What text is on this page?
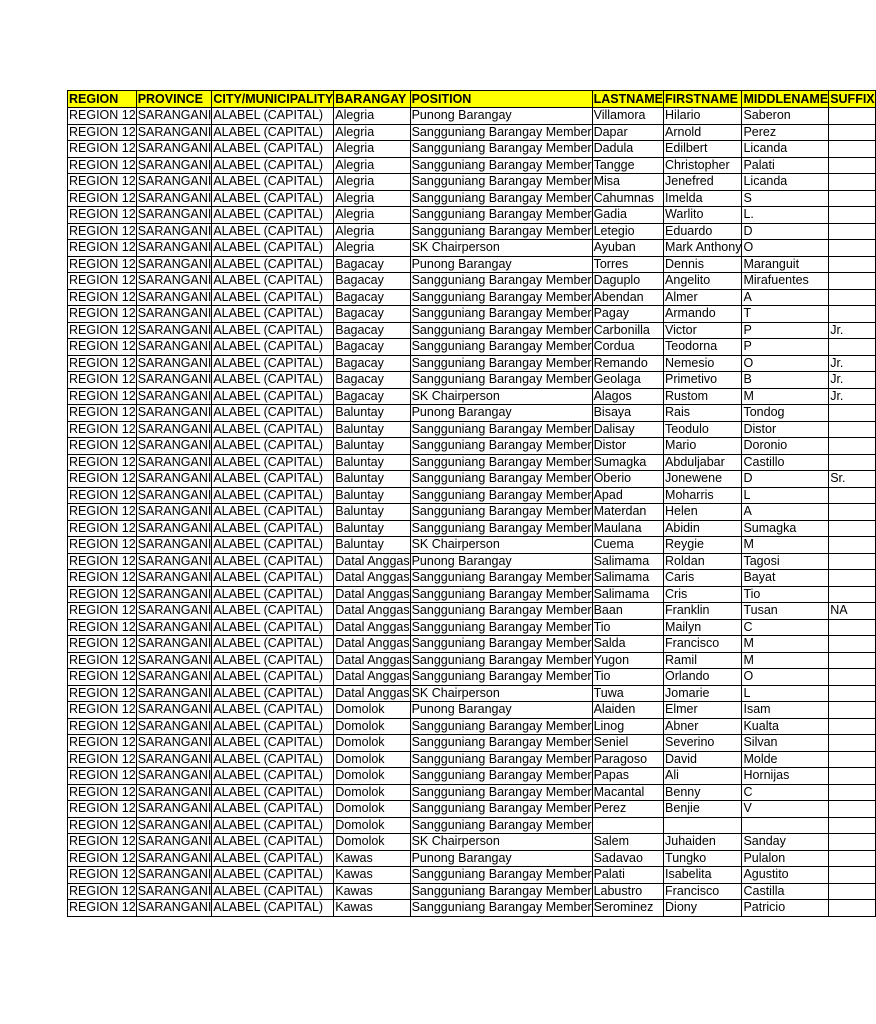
REGION	PROVINCE	CITY/MUNICIPALITY	BARANGAY	POSITION	LASTNAME	FIRSTNAME	MIDDLENAME	SUFFIX
REGION 12	SARANGANI	ALABEL (CAPITAL)	Alegria	Punong Barangay	Villamora	Hilario	Saberon	
REGION 12	SARANGANI	ALABEL (CAPITAL)	Alegria	Sangguniang Barangay Member	Dapar	Arnold	Perez	
REGION 12	SARANGANI	ALABEL (CAPITAL)	Alegria	Sangguniang Barangay Member	Dadula	Edilbert	Licanda	
REGION 12	SARANGANI	ALABEL (CAPITAL)	Alegria	Sangguniang Barangay Member	Tangge	Christopher	Palati	
REGION 12	SARANGANI	ALABEL (CAPITAL)	Alegria	Sangguniang Barangay Member	Misa	Jenefred	Licanda	
REGION 12	SARANGANI	ALABEL (CAPITAL)	Alegria	Sangguniang Barangay Member	Cahumnas	Imelda	S	
REGION 12	SARANGANI	ALABEL (CAPITAL)	Alegria	Sangguniang Barangay Member	Gadia	Warlito	L.	
REGION 12	SARANGANI	ALABEL (CAPITAL)	Alegria	Sangguniang Barangay Member	Letegio	Eduardo	D	
REGION 12	SARANGANI	ALABEL (CAPITAL)	Alegria	SK Chairperson	Ayuban	Mark Anthony	O	
REGION 12	SARANGANI	ALABEL (CAPITAL)	Bagacay	Punong Barangay	Torres	Dennis	Maranguit	
REGION 12	SARANGANI	ALABEL (CAPITAL)	Bagacay	Sangguniang Barangay Member	Daguplo	Angelito	Mirafuentes	
REGION 12	SARANGANI	ALABEL (CAPITAL)	Bagacay	Sangguniang Barangay Member	Abendan	Almer	A	
REGION 12	SARANGANI	ALABEL (CAPITAL)	Bagacay	Sangguniang Barangay Member	Pagay	Armando	T	
REGION 12	SARANGANI	ALABEL (CAPITAL)	Bagacay	Sangguniang Barangay Member	Carbonilla	Victor	P	Jr.
REGION 12	SARANGANI	ALABEL (CAPITAL)	Bagacay	Sangguniang Barangay Member	Cordua	Teodorna	P	
REGION 12	SARANGANI	ALABEL (CAPITAL)	Bagacay	Sangguniang Barangay Member	Remando	Nemesio	O	Jr.
REGION 12	SARANGANI	ALABEL (CAPITAL)	Bagacay	Sangguniang Barangay Member	Geolaga	Primetivo	B	Jr.
REGION 12	SARANGANI	ALABEL (CAPITAL)	Bagacay	SK Chairperson	Alagos	Rustom	M	Jr.
REGION 12	SARANGANI	ALABEL (CAPITAL)	Baluntay	Punong Barangay	Bisaya	Rais	Tondog	
REGION 12	SARANGANI	ALABEL (CAPITAL)	Baluntay	Sangguniang Barangay Member	Dalisay	Teodulo	Distor	
REGION 12	SARANGANI	ALABEL (CAPITAL)	Baluntay	Sangguniang Barangay Member	Distor	Mario	Doronio	
REGION 12	SARANGANI	ALABEL (CAPITAL)	Baluntay	Sangguniang Barangay Member	Sumagka	Abduljabar	Castillo	
REGION 12	SARANGANI	ALABEL (CAPITAL)	Baluntay	Sangguniang Barangay Member	Oberio	Jonewene	D	Sr.
REGION 12	SARANGANI	ALABEL (CAPITAL)	Baluntay	Sangguniang Barangay Member	Apad	Moharris	L	
REGION 12	SARANGANI	ALABEL (CAPITAL)	Baluntay	Sangguniang Barangay Member	Materdan	Helen	A	
REGION 12	SARANGANI	ALABEL (CAPITAL)	Baluntay	Sangguniang Barangay Member	Maulana	Abidin	Sumagka	
REGION 12	SARANGANI	ALABEL (CAPITAL)	Baluntay	SK Chairperson	Cuema	Reygie	M	
REGION 12	SARANGANI	ALABEL (CAPITAL)	Datal Anggas	Punong Barangay	Salimama	Roldan	Tagosi	
REGION 12	SARANGANI	ALABEL (CAPITAL)	Datal Anggas	Sangguniang Barangay Member	Salimama	Caris	Bayat	
REGION 12	SARANGANI	ALABEL (CAPITAL)	Datal Anggas	Sangguniang Barangay Member	Salimama	Cris	Tio	
REGION 12	SARANGANI	ALABEL (CAPITAL)	Datal Anggas	Sangguniang Barangay Member	Baan	Franklin	Tusan	NA
REGION 12	SARANGANI	ALABEL (CAPITAL)	Datal Anggas	Sangguniang Barangay Member	Tio	Mailyn	C	
REGION 12	SARANGANI	ALABEL (CAPITAL)	Datal Anggas	Sangguniang Barangay Member	Salda	Francisco	M	
REGION 12	SARANGANI	ALABEL (CAPITAL)	Datal Anggas	Sangguniang Barangay Member	Yugon	Ramil	M	
REGION 12	SARANGANI	ALABEL (CAPITAL)	Datal Anggas	Sangguniang Barangay Member	Tio	Orlando	O	
REGION 12	SARANGANI	ALABEL (CAPITAL)	Datal Anggas	SK Chairperson	Tuwa	Jomarie	L	
REGION 12	SARANGANI	ALABEL (CAPITAL)	Domolok	Punong Barangay	Alaiden	Elmer	Isam	
REGION 12	SARANGANI	ALABEL (CAPITAL)	Domolok	Sangguniang Barangay Member	Linog	Abner	Kualta	
REGION 12	SARANGANI	ALABEL (CAPITAL)	Domolok	Sangguniang Barangay Member	Seniel	Severino	Silvan	
REGION 12	SARANGANI	ALABEL (CAPITAL)	Domolok	Sangguniang Barangay Member	Paragoso	David	Molde	
REGION 12	SARANGANI	ALABEL (CAPITAL)	Domolok	Sangguniang Barangay Member	Papas	Ali	Hornijas	
REGION 12	SARANGANI	ALABEL (CAPITAL)	Domolok	Sangguniang Barangay Member	Macantal	Benny	C	
REGION 12	SARANGANI	ALABEL (CAPITAL)	Domolok	Sangguniang Barangay Member	Perez	Benjie	V	
REGION 12	SARANGANI	ALABEL (CAPITAL)	Domolok	Sangguniang Barangay Member				
REGION 12	SARANGANI	ALABEL (CAPITAL)	Domolok	SK Chairperson	Salem	Juhaiden	Sanday	
REGION 12	SARANGANI	ALABEL (CAPITAL)	Kawas	Punong Barangay	Sadavao	Tungko	Pulalon	
REGION 12	SARANGANI	ALABEL (CAPITAL)	Kawas	Sangguniang Barangay Member	Palati	Isabelita	Agustito	
REGION 12	SARANGANI	ALABEL (CAPITAL)	Kawas	Sangguniang Barangay Member	Labustro	Francisco	Castilla	
REGION 12	SARANGANI	ALABEL (CAPITAL)	Kawas	Sangguniang Barangay Member	Serominez	Diony	Patricio	
